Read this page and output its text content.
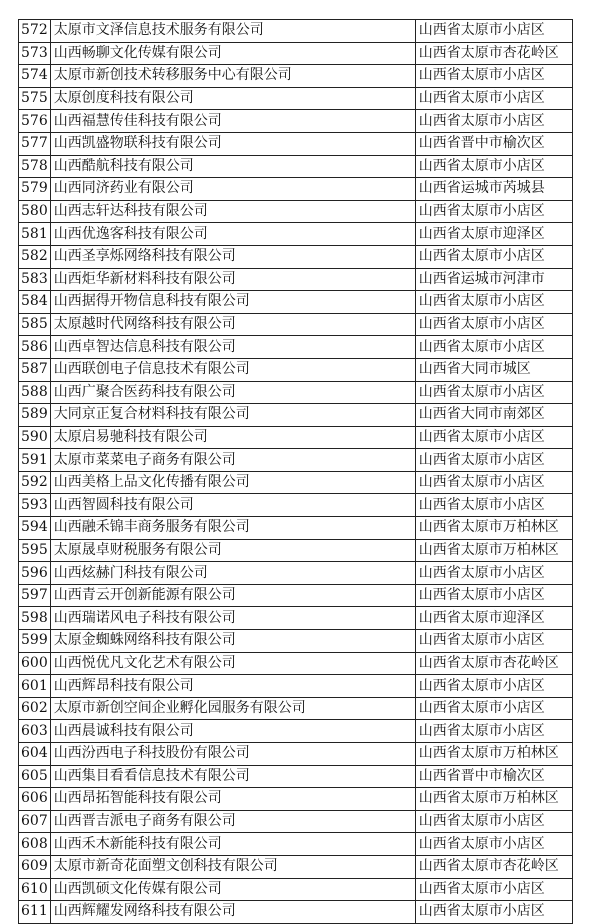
572	太原市文泽信息技术服务有限公司	山西省太原市小店区
573	山西畅聊文化传媒有限公司	山西省太原市杏花岭区
574	太原市新创技术转移服务中心有限公司	山西省太原市小店区
575	太原创度科技有限公司	山西省太原市小店区
576	山西福慧传佳科技有限公司	山西省太原市小店区
577	山西凯盛物联科技有限公司	山西省晋中市榆次区
578	山西酷航科技有限公司	山西省太原市小店区
579	山西同济药业有限公司	山西省运城市芮城县
580	山西志轩达科技有限公司	山西省太原市小店区
581	山西优逸客科技有限公司	山西省太原市迎泽区
582	山西圣享烁网络科技有限公司	山西省太原市小店区
583	山西炬华新材料科技有限公司	山西省运城市河津市
584	山西据得开物信息科技有限公司	山西省太原市小店区
585	太原越时代网络科技有限公司	山西省太原市小店区
586	山西卓智达信息科技有限公司	山西省太原市小店区
587	山西联创电子信息技术有限公司	山西省大同市城区
588	山西广聚合医药科技有限公司	山西省太原市小店区
589	大同京正复合材料科技有限公司	山西省大同市南郊区
590	太原启易驰科技有限公司	山西省太原市小店区
591	太原市菜菜电子商务有限公司	山西省太原市小店区
592	山西美格上品文化传播有限公司	山西省太原市小店区
593	山西智圆科技有限公司	山西省太原市小店区
594	山西融禾锦丰商务服务有限公司	山西省太原市万柏林区
595	太原晟卓财税服务有限公司	山西省太原市万柏林区
596	山西炫赫门科技有限公司	山西省太原市小店区
597	山西青云开创新能源有限公司	山西省太原市小店区
598	山西瑞诺风电子科技有限公司	山西省太原市迎泽区
599	太原金蜘蛛网络科技有限公司	山西省太原市小店区
600	山西悦优凡文化艺术有限公司	山西省太原市杏花岭区
601	山西辉昂科技有限公司	山西省太原市小店区
602	太原市新创空间企业孵化园服务有限公司	山西省太原市小店区
603	山西晨诚科技有限公司	山西省太原市小店区
604	山西汾西电子科技股份有限公司	山西省太原市万柏林区
605	山西集目看看信息技术有限公司	山西省晋中市榆次区
606	山西昂拓智能科技有限公司	山西省太原市万柏林区
607	山西晋吉派电子商务有限公司	山西省太原市小店区
608	山西禾木新能科技有限公司	山西省太原市小店区
609	太原市新奇花面塑文创科技有限公司	山西省太原市杏花岭区
610	山西凯硕文化传媒有限公司	山西省太原市小店区
611	山西辉耀发网络科技有限公司	山西省太原市小店区
